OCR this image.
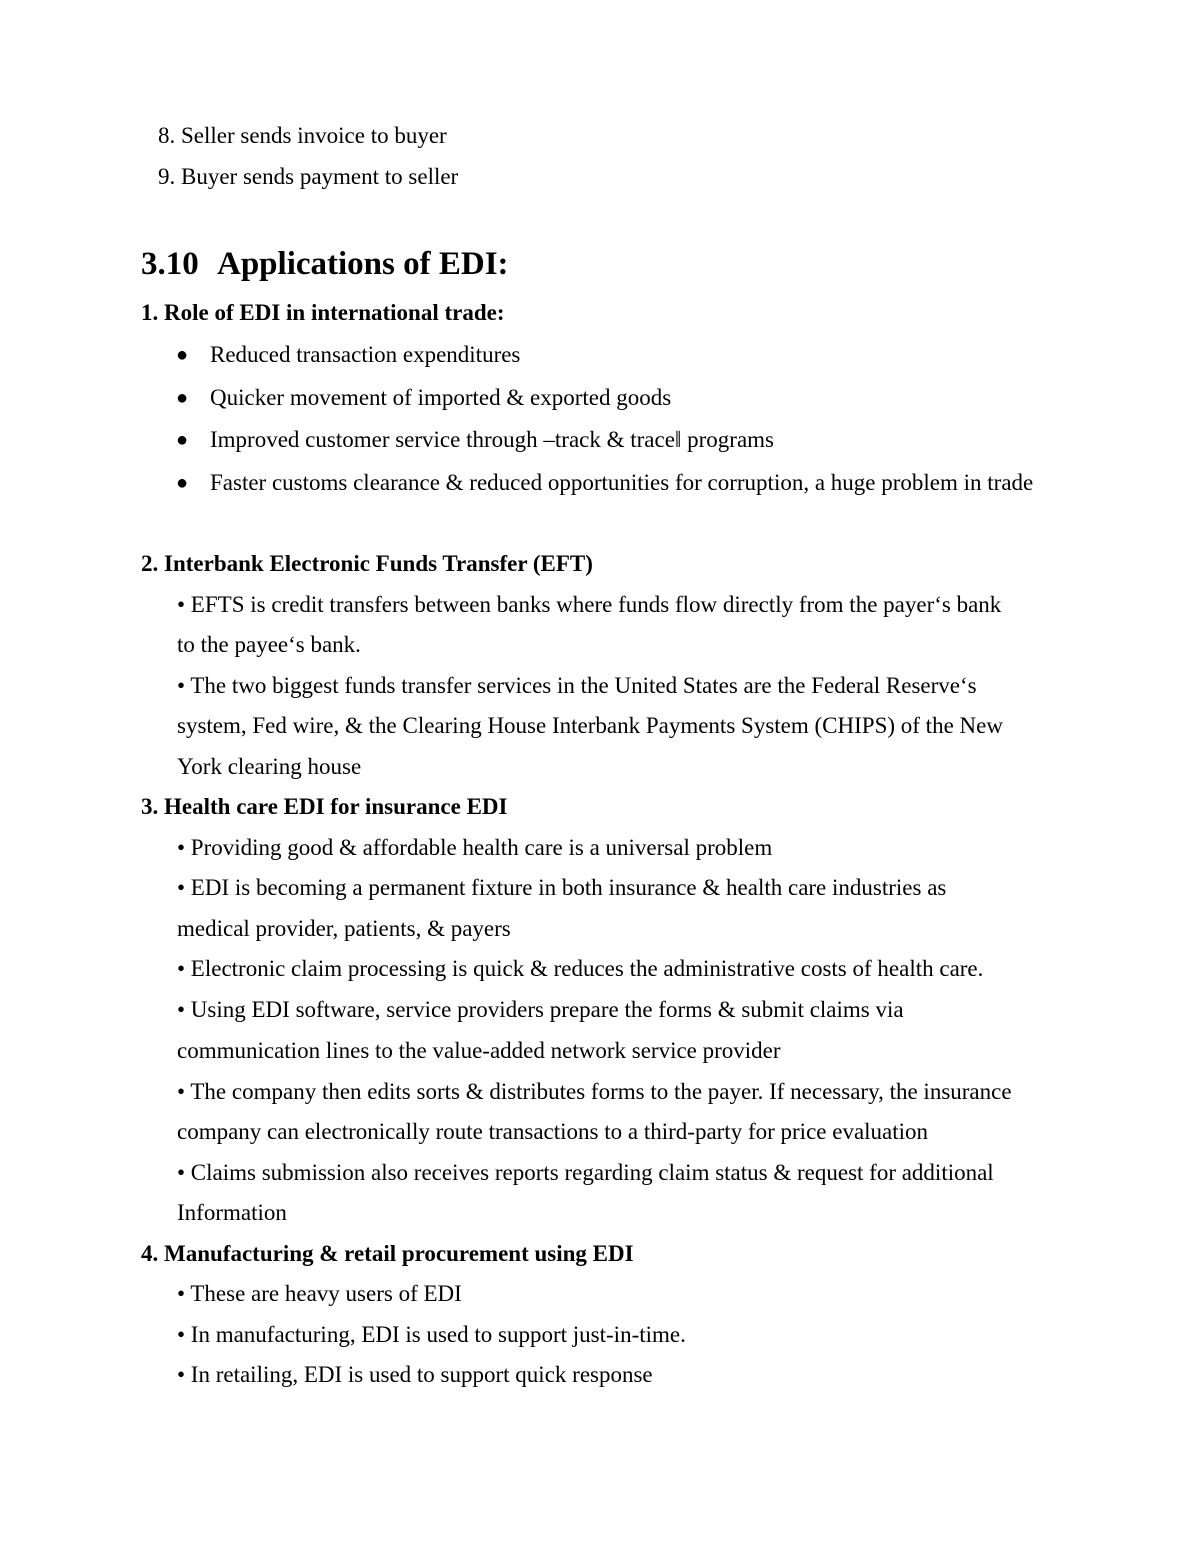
8. Seller sends invoice to buyer
9. Buyer sends payment to seller
3.10 Applications of EDI:
1. Role of EDI in international trade:
● Reduced transaction expenditures
● Quicker movement of imported & exported goods
● Improved customer service through –track & trace‖ programs
● Faster customs clearance & reduced opportunities for corruption, a huge problem in trade
2. Interbank Electronic Funds Transfer (EFT)
• EFTS is credit transfers between banks where funds flow directly from the payer‘s bank
to the payee‘s bank.
• The two biggest funds transfer services in the United States are the Federal Reserve‘s
system, Fed wire, & the Clearing House Interbank Payments System (CHIPS) of the New
York clearing house
3. Health care EDI for insurance EDI
• Providing good & affordable health care is a universal problem
• EDI is becoming a permanent fixture in both insurance & health care industries as
medical provider, patients, & payers
• Electronic claim processing is quick & reduces the administrative costs of health care.
• Using EDI software, service providers prepare the forms & submit claims via
communication lines to the value-added network service provider
• The company then edits sorts & distributes forms to the payer. If necessary, the insurance
company can electronically route transactions to a third-party for price evaluation
• Claims submission also receives reports regarding claim status & request for additional
Information
4. Manufacturing & retail procurement using EDI
• These are heavy users of EDI
• In manufacturing, EDI is used to support just-in-time.
• In retailing, EDI is used to support quick response
